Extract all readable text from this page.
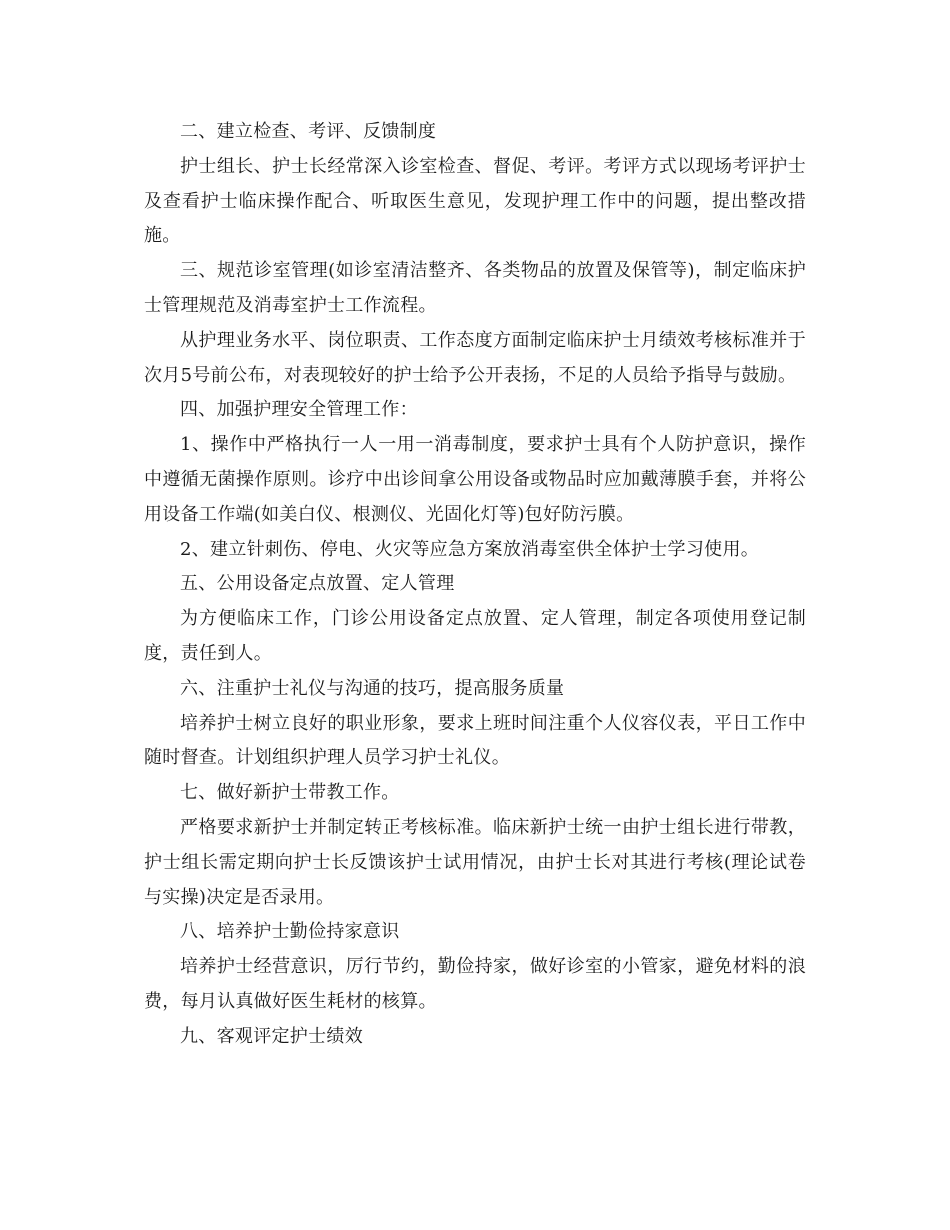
二、建立检查、考评、反馈制度

护士组长、护士长经常深入诊室检查、督促、考评。考评方式以现场考评护士及查看护士临床操作配合、听取医生意见，发现护理工作中的问题，提出整改措施。

三、规范诊室管理(如诊室清洁整齐、各类物品的放置及保管等)，制定临床护士管理规范及消毒室护士工作流程。

从护理业务水平、岗位职责、工作态度方面制定临床护士月绩效考核标准并于次月5号前公布，对表现较好的护士给予公开表扬，不足的人员给予指导与鼓励。

四、加强护理安全管理工作：

1、操作中严格执行一人一用一消毒制度，要求护士具有个人防护意识，操作中遵循无菌操作原则。诊疗中出诊间拿公用设备或物品时应加戴薄膜手套，并将公用设备工作端(如美白仪、根测仪、光固化灯等)包好防污膜。

2、建立针刺伤、停电、火灾等应急方案放消毒室供全体护士学习使用。

五、公用设备定点放置、定人管理

为方便临床工作，门诊公用设备定点放置、定人管理，制定各项使用登记制度，责任到人。

六、注重护士礼仪与沟通的技巧，提高服务质量

培养护士树立良好的职业形象，要求上班时间注重个人仪容仪表，平日工作中随时督查。计划组织护理人员学习护士礼仪。

七、做好新护士带教工作。

严格要求新护士并制定转正考核标准。临床新护士统一由护士组长进行带教，护士组长需定期向护士长反馈该护士试用情况，由护士长对其进行考核(理论试卷与实操)决定是否录用。

八、培养护士勤俭持家意识

培养护士经营意识，厉行节约，勤俭持家，做好诊室的小管家，避免材料的浪费，每月认真做好医生耗材的核算。

九、客观评定护士绩效
